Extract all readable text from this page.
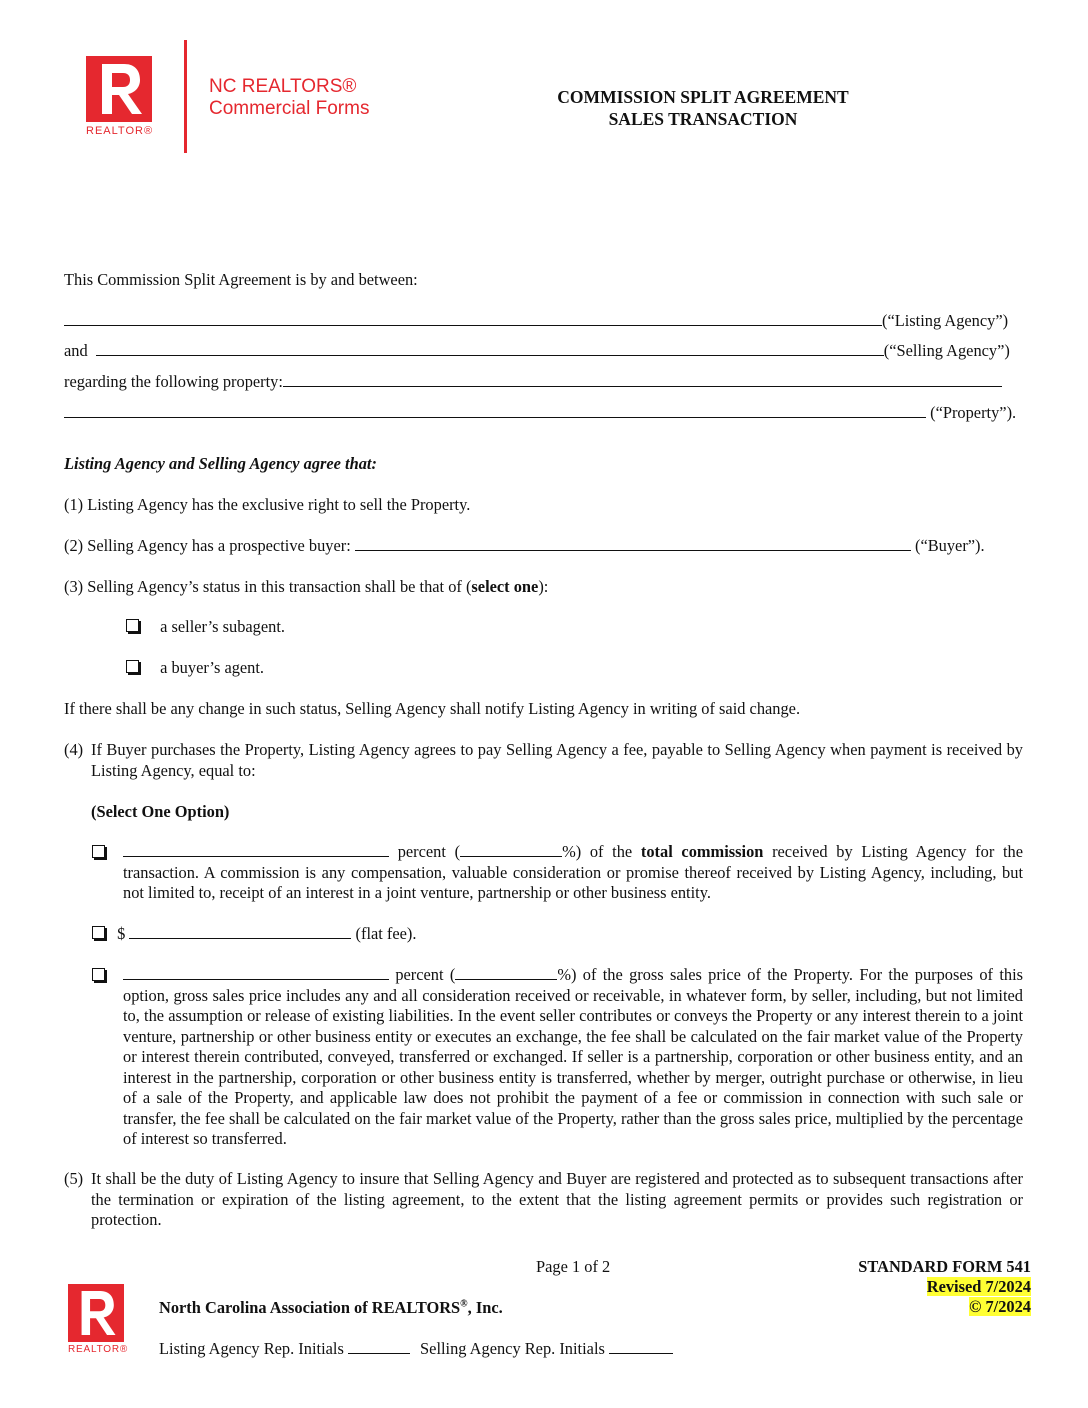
REALTOR®
NC REALTORS®
Commercial Forms
COMMISSION SPLIT AGREEMENT
SALES TRANSACTION
This Commission Split Agreement is by and between:
(“Listing Agency”)
and	(“Selling Agency”)
regarding the following property:
(“Property”).
Listing Agency and Selling Agency agree that:
(1) Listing Agency has the exclusive right to sell the Property.
(2) Selling Agency has a prospective buyer:	(“Buyer”).
(3) Selling Agency’s status in this transaction shall be that of (select one):
a seller’s subagent.
a buyer’s agent.
If there shall be any change in such status, Selling Agency shall notify Listing Agency in writing of said change.
(4) If Buyer purchases the Property, Listing Agency agrees to pay Selling Agency a fee, payable to Selling Agency when payment is received by Listing Agency, equal to:

(Select One Option)

percent (	%) of the total commission received by Listing Agency for the transaction. A commission is any compensation, valuable consideration or promise thereof received by Listing Agency, including, but not limited to, receipt of an interest in a joint venture, partnership or other business entity.

$	(flat fee).

percent (	%) of the gross sales price of the Property. For the purposes of this option, gross sales price includes any and all consideration received or receivable, in whatever form, by seller, including, but not limited to, the assumption or release of existing liabilities. In the event seller contributes or conveys the Property or any interest therein to a joint venture, partnership or other business entity or executes an exchange, the fee shall be calculated on the fair market value of the Property or interest therein contributed, conveyed, transferred or exchanged. If seller is a partnership, corporation or other business entity, and an interest in the partnership, corporation or other business entity is transferred, whether by merger, outright purchase or otherwise, in lieu of a sale of the Property, and applicable law does not prohibit the payment of a fee or commission in connection with such sale or transfer, the fee shall be calculated on the fair market value of the Property, rather than the gross sales price, multiplied by the percentage of interest so transferred.

(5) It shall be the duty of Listing Agency to insure that Selling Agency and Buyer are registered and protected as to subsequent transactions after the termination or expiration of the listing agreement, to the extent that the listing agreement permits or provides such registration or protection.

Page 1 of 2	STANDARD FORM 541
Revised 7/2024
© 7/2024
REALTOR®
North Carolina Association of REALTORS®, Inc.
Listing Agency Rep. Initials	Selling Agency Rep. Initials
